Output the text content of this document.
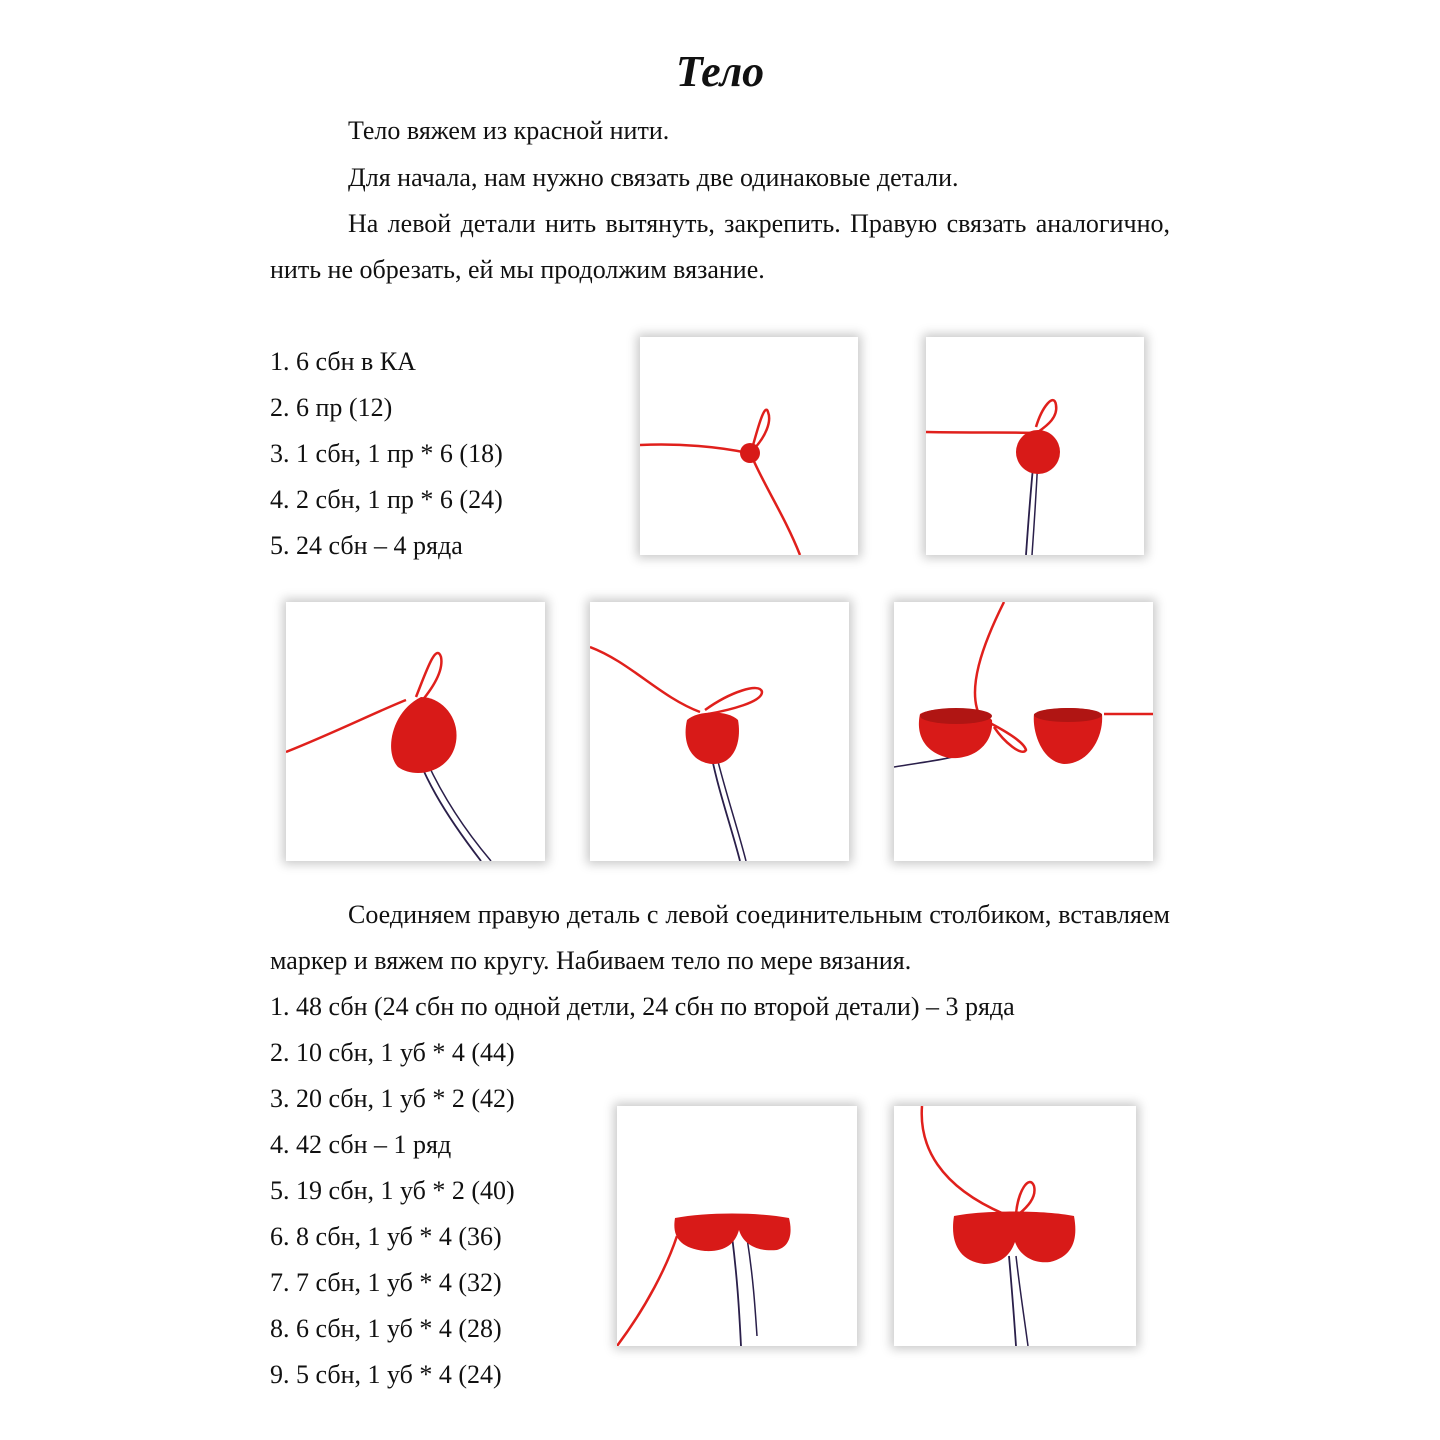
Тело

Тело вяжем из красной нити.

Для начала, нам нужно связать две одинаковые детали.

На левой детали нить вытянуть, закрепить. Правую связать аналогично, нить не обрезать, ей мы продолжим вязание.

1. 6 сбн в КА

2. 6 пр (12)

3. 1 сбн, 1 пр * 6 (18)

4. 2 сбн, 1 пр * 6 (24)

5. 24 сбн – 4 ряда

Соединяем правую деталь с левой соединительным столбиком, вставляем маркер и вяжем по кругу. Набиваем тело по мере вязания.

1. 48 сбн (24 сбн по одной детли, 24 сбн по второй детали) – 3 ряда

2. 10 сбн, 1 уб * 4 (44)

3. 20 сбн, 1 уб * 2 (42)

4. 42 сбн – 1 ряд

5. 19 сбн, 1 уб * 2 (40)

6. 8 сбн, 1 уб * 4 (36)

7. 7 сбн, 1 уб * 4 (32)

8. 6 сбн, 1 уб * 4 (28)

9. 5 сбн, 1 уб * 4 (24)
